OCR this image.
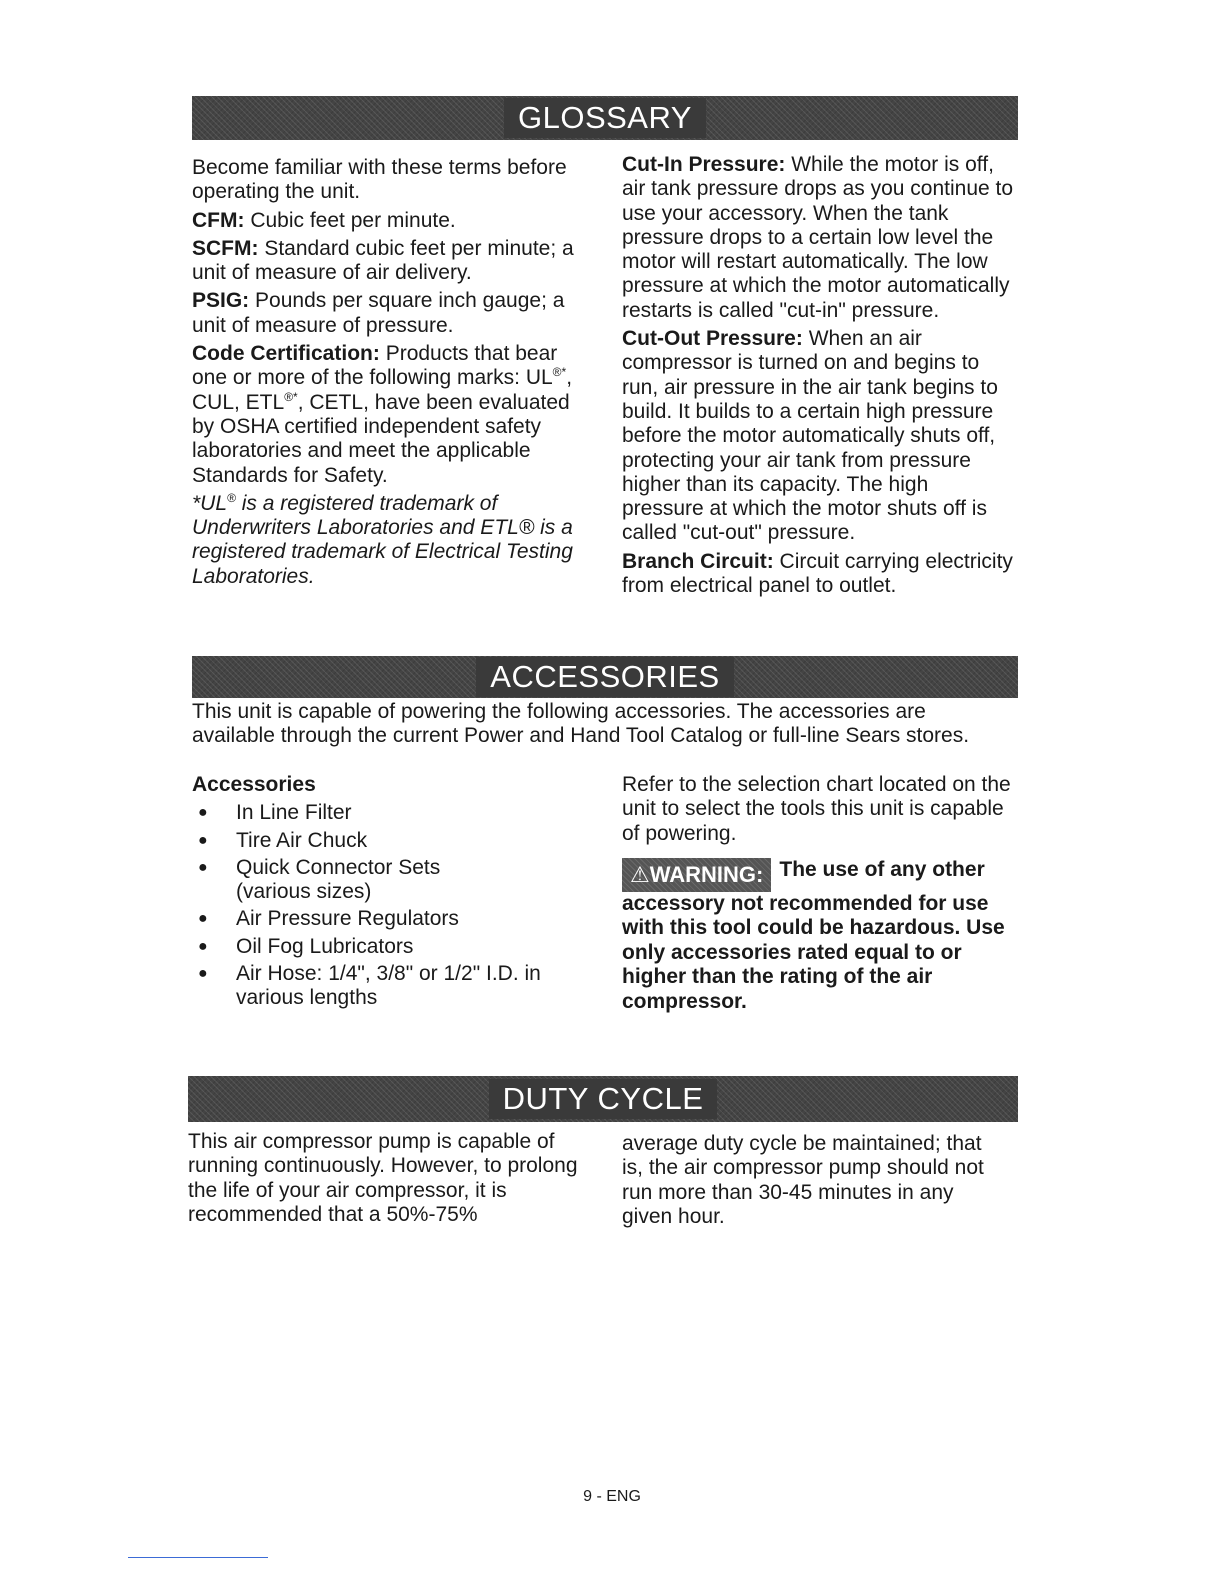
GLOSSARY

Become familiar with these terms before operating the unit.

CFM: Cubic feet per minute.

SCFM: Standard cubic feet per minute; a unit of measure of air delivery.

PSIG: Pounds per square inch gauge; a unit of measure of pressure.

Code Certification: Products that bear one or more of the following marks: UL®*, CUL, ETL®*, CETL, have been evaluated by OSHA certified independent safety laboratories and meet the applicable Standards for Safety.

*UL® is a registered trademark of Underwriters Laboratories and ETL® is a registered trademark of Electrical Testing Laboratories.

Cut-In Pressure: While the motor is off, air tank pressure drops as you continue to use your accessory. When the tank pressure drops to a certain low level the motor will restart automatically. The low pressure at which the motor automatically restarts is called "cut-in" pressure.

Cut-Out Pressure: When an air compressor is turned on and begins to run, air pressure in the air tank begins to build. It builds to a certain high pressure before the motor automatically shuts off, protecting your air tank from pressure higher than its capacity. The high pressure at which the motor shuts off is called "cut-out" pressure.

Branch Circuit: Circuit carrying electricity from electrical panel to outlet.

ACCESSORIES

This unit is capable of powering the following accessories. The accessories are available through the current Power and Hand Tool Catalog or full-line Sears stores.

Accessories

● In Line Filter
● Tire Air Chuck
● Quick Connector Sets (various sizes)
● Air Pressure Regulators
● Oil Fog Lubricators
● Air Hose: 1/4", 3/8" or 1/2" I.D. in various lengths

Refer to the selection chart located on the unit to select the tools this unit is capable of powering.

⚠WARNING: The use of any other accessory not recommended for use with this tool could be hazardous. Use only accessories rated equal to or higher than the rating of the air compressor.
DUTY CYCLE

This air compressor pump is capable of running continuously. However, to prolong the life of your air compressor, it is recommended that a 50%-75%

average duty cycle be maintained; that is, the air compressor pump should not run more than 30-45 minutes in any given hour.

9 - ENG
